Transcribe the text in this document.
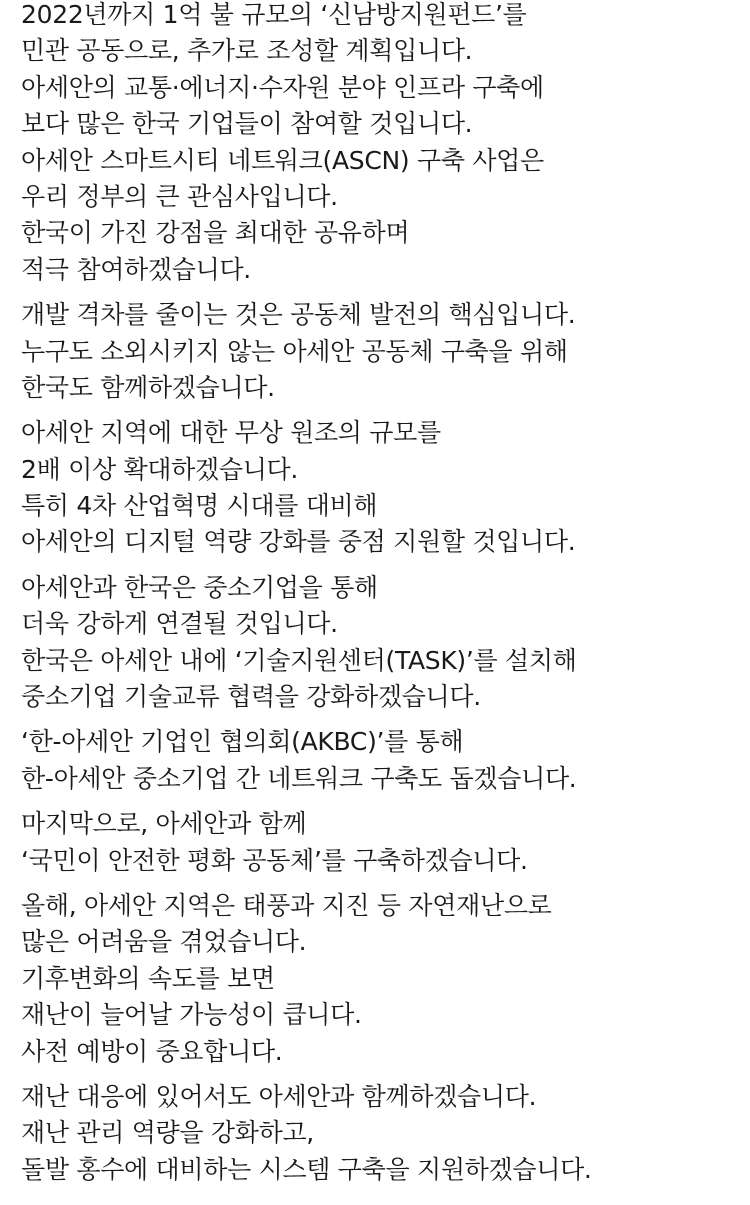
2022년까지 1억 불 규모의 ‘신남방지원펀드’를
민관 공동으로, 추가로 조성할 계획입니다.
아세안의 교통·에너지·수자원 분야 인프라 구축에
보다 많은 한국 기업들이 참여할 것입니다.
아세안 스마트시티 네트워크(ASCN) 구축 사업은
우리 정부의 큰 관심사입니다.
한국이 가진 강점을 최대한 공유하며
적극 참여하겠습니다.

개발 격차를 줄이는 것은 공동체 발전의 핵심입니다.
누구도 소외시키지 않는 아세안 공동체 구축을 위해
한국도 함께하겠습니다.

아세안 지역에 대한 무상 원조의 규모를
2배 이상 확대하겠습니다.
특히 4차 산업혁명 시대를 대비해
아세안의 디지털 역량 강화를 중점 지원할 것입니다.

아세안과 한국은 중소기업을 통해
더욱 강하게 연결될 것입니다.
한국은 아세안 내에 ‘기술지원센터(TASK)’를 설치해
중소기업 기술교류 협력을 강화하겠습니다.

‘한-아세안 기업인 협의회(AKBC)’를 통해
한-아세안 중소기업 간 네트워크 구축도 돕겠습니다.

마지막으로, 아세안과 함께
‘국민이 안전한 평화 공동체’를 구축하겠습니다.

올해, 아세안 지역은 태풍과 지진 등 자연재난으로
많은 어려움을 겪었습니다.
기후변화의 속도를 보면
재난이 늘어날 가능성이 큽니다.
사전 예방이 중요합니다.

재난 대응에 있어서도 아세안과 함께하겠습니다.
재난 관리 역량을 강화하고,
돌발 홍수에 대비하는 시스템 구축을 지원하겠습니다.
